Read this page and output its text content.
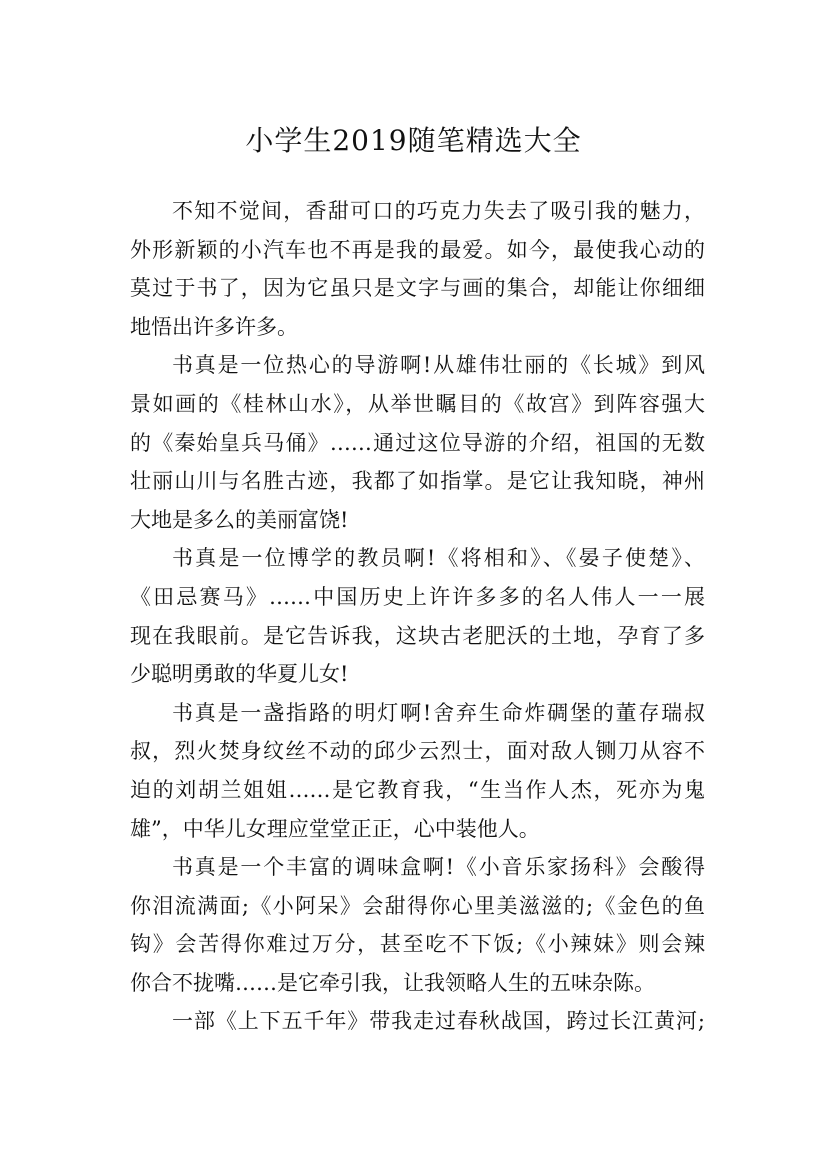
小学生2019随笔精选大全
不知不觉间，香甜可口的巧克力失去了吸引我的魅力，
外形新颖的小汽车也不再是我的最爱。如今，最使我心动的
莫过于书了，因为它虽只是文字与画的集合，却能让你细细
地悟出许多许多。
书真是一位热心的导游啊!从雄伟壮丽的《长城》到风
景如画的《桂林山水》，从举世瞩目的《故宫》到阵容强大
的《秦始皇兵马俑》……通过这位导游的介绍，祖国的无数
壮丽山川与名胜古迹，我都了如指掌。是它让我知晓，神州
大地是多么的美丽富饶!
书真是一位博学的教员啊!《将相和》、《晏子使楚》、
《田忌赛马》……中国历史上许许多多的名人伟人一一展
现在我眼前。是它告诉我，这块古老肥沃的土地，孕育了多
少聪明勇敢的华夏儿女!
书真是一盏指路的明灯啊!舍弃生命炸碉堡的董存瑞叔
叔，烈火焚身纹丝不动的邱少云烈士，面对敌人铡刀从容不
迫的刘胡兰姐姐……是它教育我，“生当作人杰，死亦为鬼
雄”，中华儿女理应堂堂正正，心中装他人。
书真是一个丰富的调味盒啊!《小音乐家扬科》会酸得
你泪流满面;《小阿呆》会甜得你心里美滋滋的;《金色的鱼
钩》会苦得你难过万分，甚至吃不下饭;《小辣妹》则会辣
你合不拢嘴……是它牵引我，让我领略人生的五味杂陈。
一部《上下五千年》带我走过春秋战国，跨过长江黄河;
